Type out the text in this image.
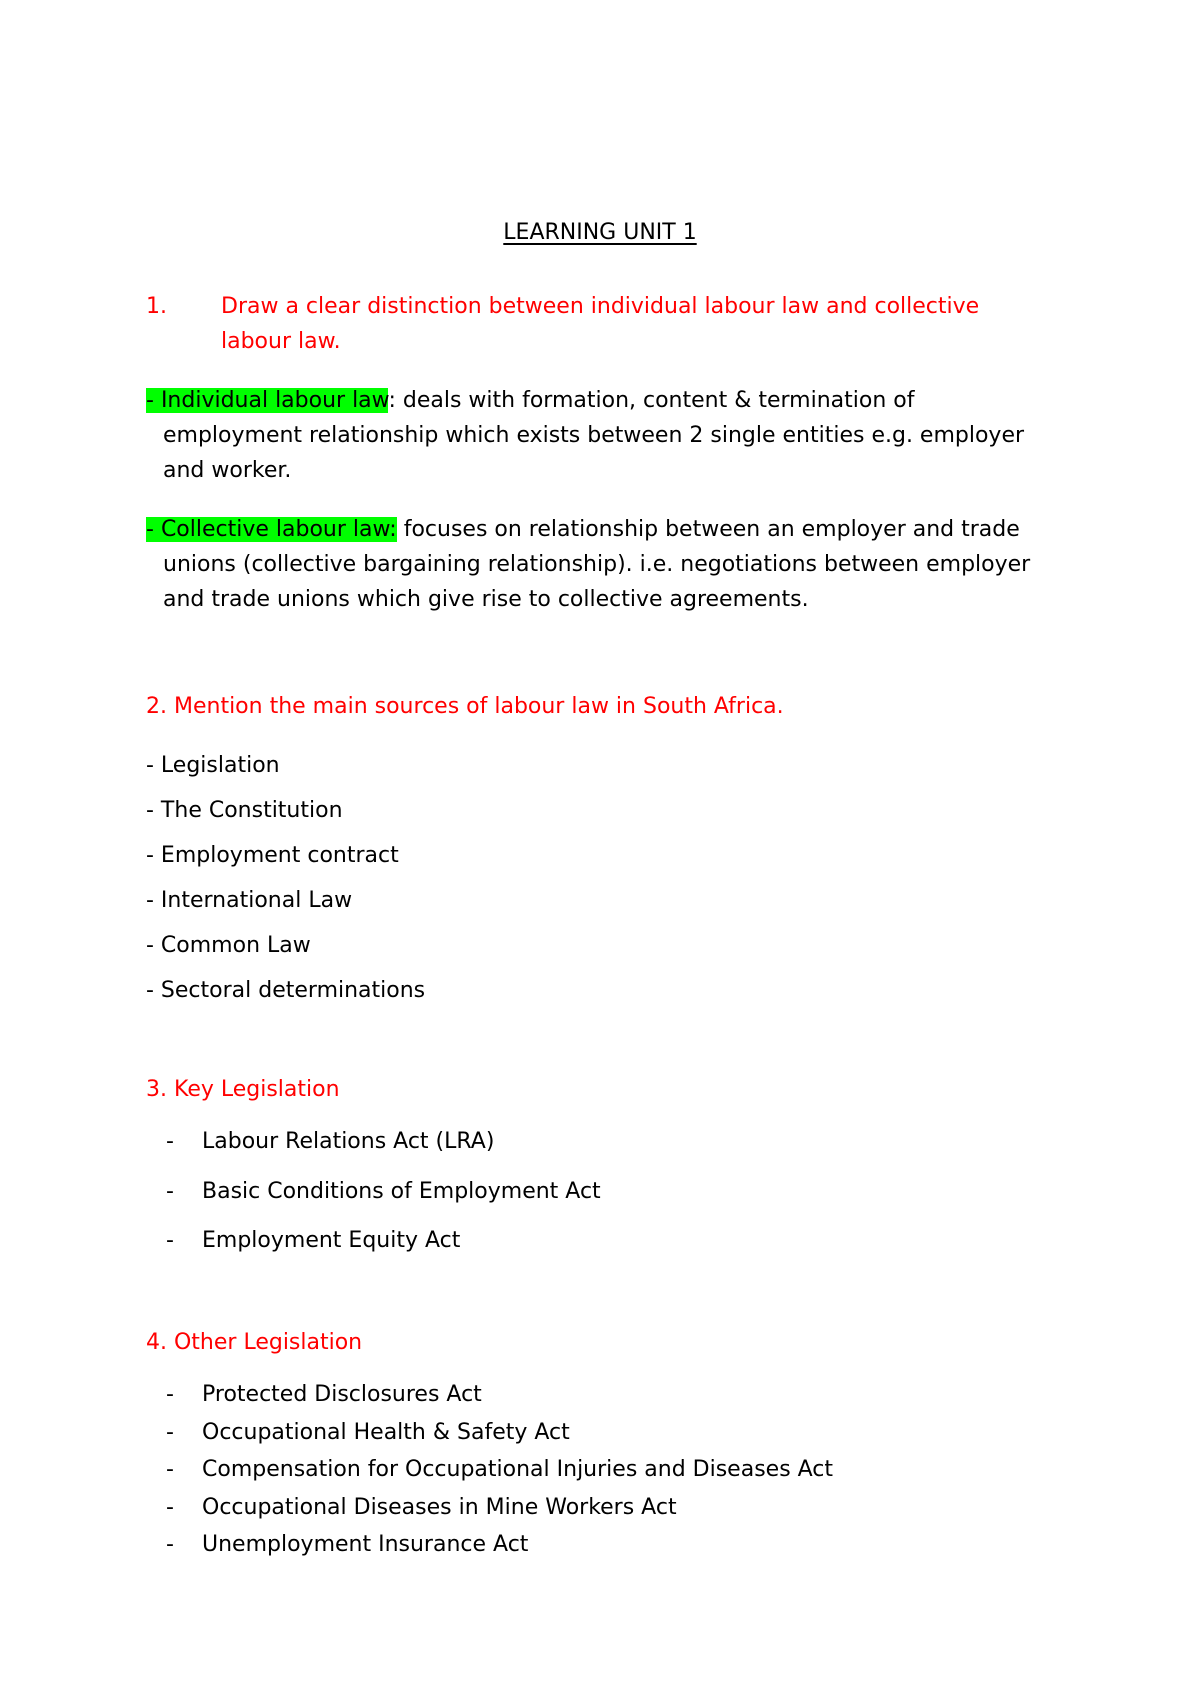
LEARNING UNIT 1
1. Draw a clear distinction between individual labour law and collective
labour law.
- Individual labour law: deals with formation, content & termination of
employment relationship which exists between 2 single entities e.g. employer
and worker.
- Collective labour law: focuses on relationship between an employer and trade
unions (collective bargaining relationship). i.e. negotiations between employer
and trade unions which give rise to collective agreements.
2. Mention the main sources of labour law in South Africa.
- Legislation
- The Constitution
- Employment contract
- International Law
- Common Law
- Sectoral determinations
3. Key Legislation
- Labour Relations Act (LRA)
- Basic Conditions of Employment Act
- Employment Equity Act
4. Other Legislation
- Protected Disclosures Act
- Occupational Health & Safety Act
- Compensation for Occupational Injuries and Diseases Act
- Occupational Diseases in Mine Workers Act
- Unemployment Insurance Act
